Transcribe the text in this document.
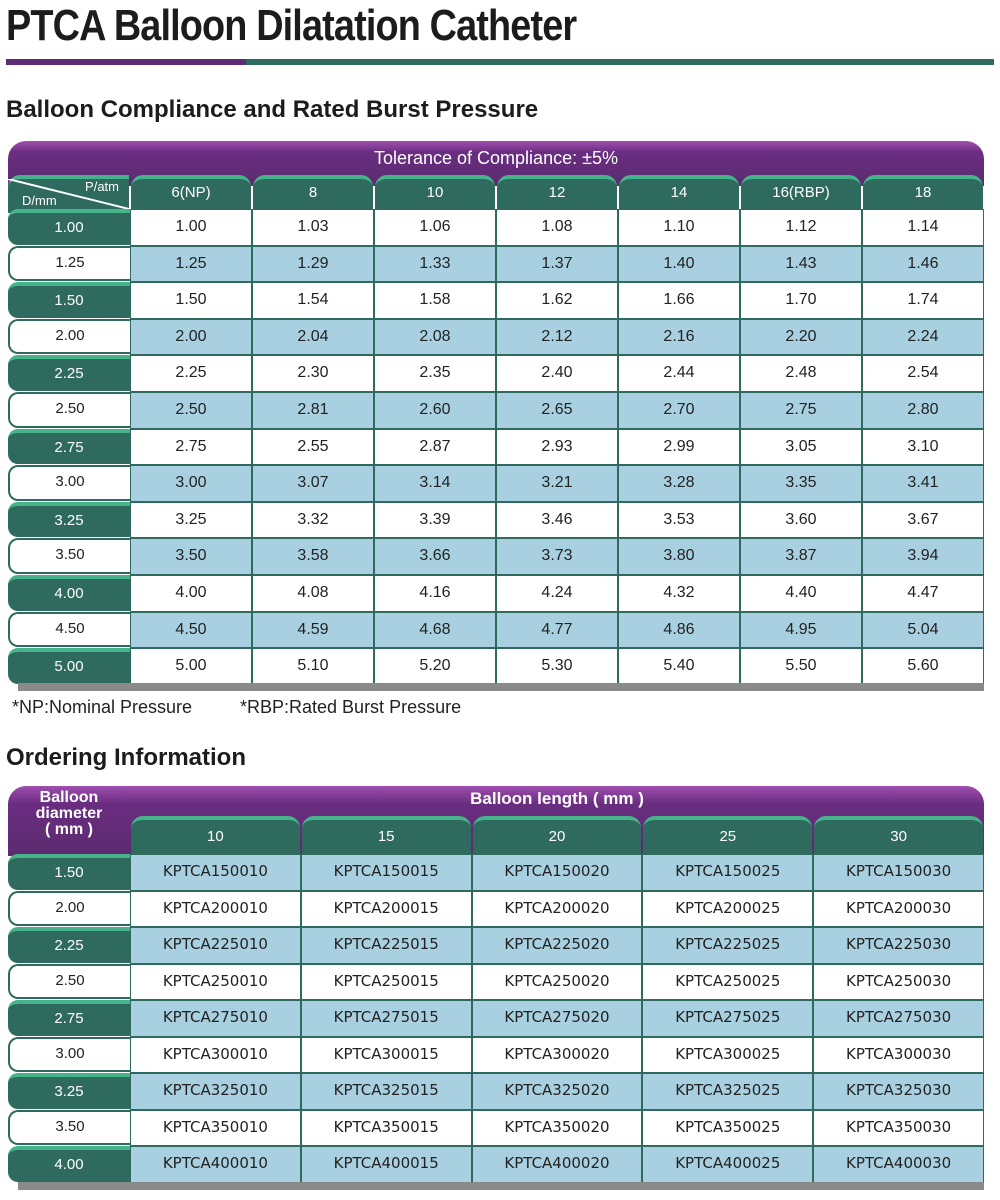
PTCA Balloon Dilatation Catheter
Balloon Compliance and Rated Burst Pressure
Tolerance of Compliance: ±5%
P/atm
D/mm	6(NP)	8	10	12	14	16(RBP)	18
1.00	1.00	1.03	1.06	1.08	1.10	1.12	1.14
1.25	1.25	1.29	1.33	1.37	1.40	1.43	1.46
1.50	1.50	1.54	1.58	1.62	1.66	1.70	1.74
2.00	2.00	2.04	2.08	2.12	2.16	2.20	2.24
2.25	2.25	2.30	2.35	2.40	2.44	2.48	2.54
2.50	2.50	2.81	2.60	2.65	2.70	2.75	2.80
2.75	2.75	2.55	2.87	2.93	2.99	3.05	3.10
3.00	3.00	3.07	3.14	3.21	3.28	3.35	3.41
3.25	3.25	3.32	3.39	3.46	3.53	3.60	3.67
3.50	3.50	3.58	3.66	3.73	3.80	3.87	3.94
4.00	4.00	4.08	4.16	4.24	4.32	4.40	4.47
4.50	4.50	4.59	4.68	4.77	4.86	4.95	5.04
5.00	5.00	5.10	5.20	5.30	5.40	5.50	5.60
*NP:Nominal Pressure	*RBP:Rated Burst Pressure
Ordering Information
Balloon
diameter
( mm )
Balloon length ( mm )
10	15	20	25	30
1.50	KPTCA150010	KPTCA150015	KPTCA150020	KPTCA150025	KPTCA150030
2.00	KPTCA200010	KPTCA200015	KPTCA200020	KPTCA200025	KPTCA200030
2.25	KPTCA225010	KPTCA225015	KPTCA225020	KPTCA225025	KPTCA225030
2.50	KPTCA250010	KPTCA250015	KPTCA250020	KPTCA250025	KPTCA250030
2.75	KPTCA275010	KPTCA275015	KPTCA275020	KPTCA275025	KPTCA275030
3.00	KPTCA300010	KPTCA300015	KPTCA300020	KPTCA300025	KPTCA300030
3.25	KPTCA325010	KPTCA325015	KPTCA325020	KPTCA325025	KPTCA325030
3.50	KPTCA350010	KPTCA350015	KPTCA350020	KPTCA350025	KPTCA350030
4.00	KPTCA400010	KPTCA400015	KPTCA400020	KPTCA400025	KPTCA400030
